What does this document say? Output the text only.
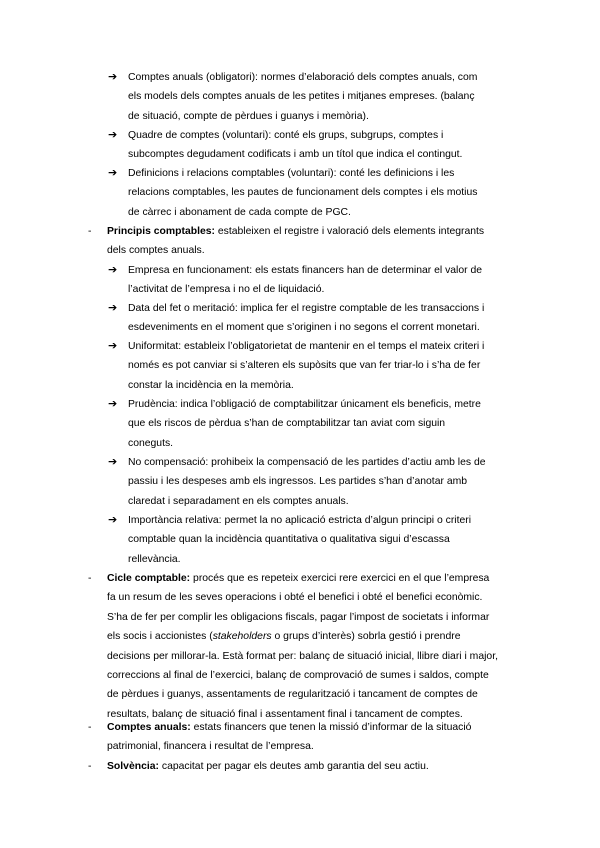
➔ Comptes anuals (obligatori): normes d’elaboració dels comptes anuals, com
els models dels comptes anuals de les petites i mitjanes empreses. (balanç
de situació, compte de pèrdues i guanys i memòria).
➔ Quadre de comptes (voluntari): conté els grups, subgrups, comptes i
subcomptes degudament codificats i amb un títol que indica el contingut.
➔ Definicions i relacions comptables (voluntari): conté les definicions i les
relacions comptables, les pautes de funcionament dels comptes i els motius
de càrrec i abonament de cada compte de PGC.
- Principis comptables: estableixen el registre i valoració dels elements integrants
dels comptes anuals.
➔ Empresa en funcionament: els estats financers han de determinar el valor de
l’activitat de l’empresa i no el de liquidació.
➔ Data del fet o meritació: implica fer el registre comptable de les transaccions i
esdeveniments en el moment que s’originen i no segons el corrent monetari.
➔ Uniformitat: estableix l’obligatorietat de mantenir en el temps el mateix criteri i
només es pot canviar si s’alteren els supòsits que van fer triar-lo i s’ha de fer
constar la incidència en la memòria.
➔ Prudència: indica l’obligació de comptabilitzar únicament els beneficis, metre
que els riscos de pèrdua s’han de comptabilitzar tan aviat com siguin
coneguts.
➔ No compensació: prohibeix la compensació de les partides d’actiu amb les de
passiu i les despeses amb els ingressos. Les partides s’han d’anotar amb
claredat i separadament en els comptes anuals.
➔ Importància relativa: permet la no aplicació estricta d’algun principi o criteri
comptable quan la incidència quantitativa o qualitativa sigui d’escassa
rellevància.
- Cicle comptable: procés que es repeteix exercici rere exercici en el que l’empresa
fa un resum de les seves operacions i obté el benefici i obté el benefici econòmic.
S’ha de fer per complir les obligacions fiscals, pagar l’impost de societats i informar
els socis i accionistes (stakeholders o grups d’interès) sobrla gestió i prendre
decisions per millorar-la. Està format per: balanç de situació inicial, llibre diari i major,
correccions al final de l’exercici, balanç de comprovació de sumes i saldos, compte
de pèrdues i guanys, assentaments de regularització i tancament de comptes de
resultats, balanç de situació final i assentament final i tancament de comptes.
- Comptes anuals: estats financers que tenen la missió d’informar de la situació
patrimonial, financera i resultat de l’empresa.
- Solvència: capacitat per pagar els deutes amb garantia del seu actiu.
